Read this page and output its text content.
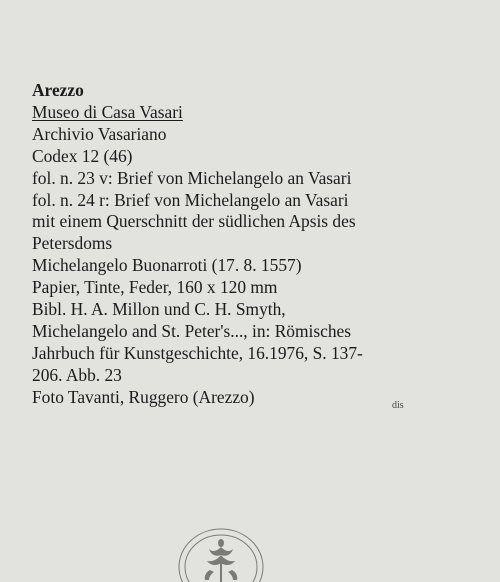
Arezzo
Museo di Casa Vasari
Archivio Vasariano
Codex 12 (46)
fol. n. 23 v: Brief von Michelangelo an Vasari
fol. n. 24 r: Brief von Michelangelo an Vasari
mit einem Querschnitt der südlichen Apsis des
Petersdoms
Michelangelo Buonarroti (17. 8. 1557)
Papier, Tinte, Feder, 160 x 120 mm
Bibl. H. A. Millon und C. H. Smyth,
Michelangelo and St. Peter's..., in: Römisches
Jahrbuch für Kunstgeschichte, 16.1976, S. 137-
206. Abb. 23
Foto Tavanti, Ruggero (Arezzo)	dis
